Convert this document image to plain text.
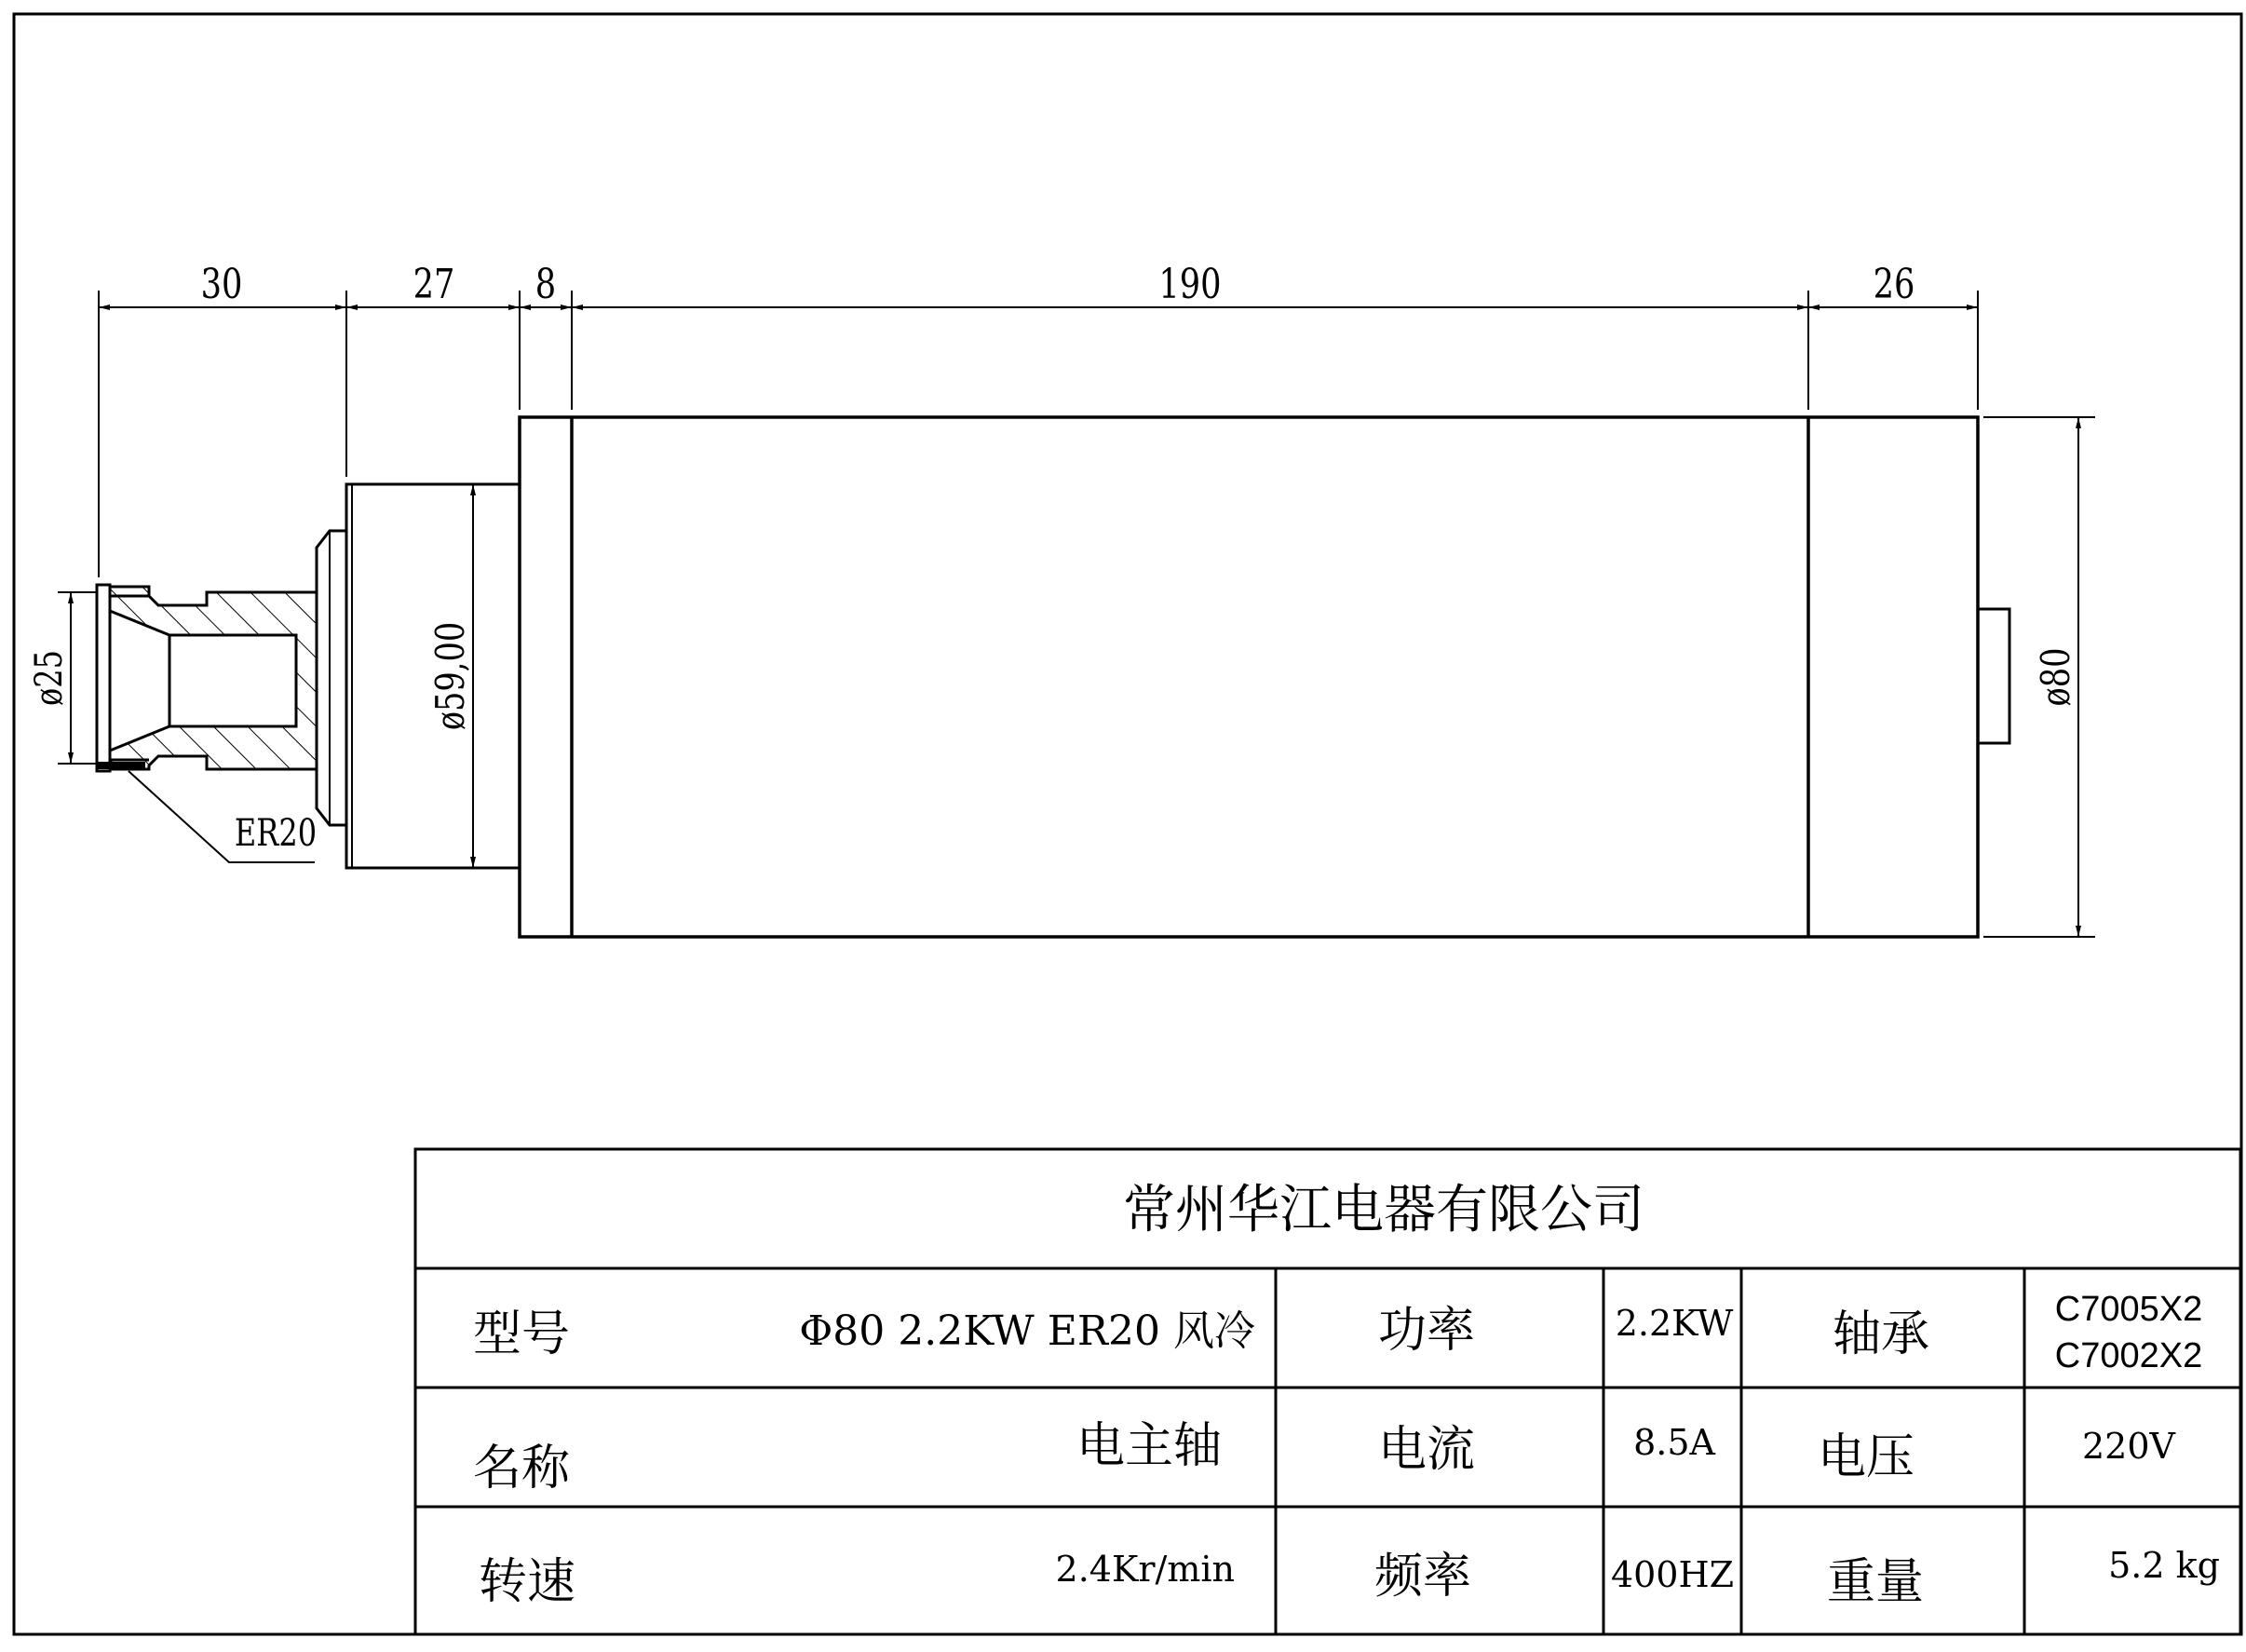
30	27 8	190	26
ø25	ø59,00	ø80
ER20
常州华江电器有限公司
型号	Φ80 2.2KW ER20 风冷	功率	2.2KW 轴承	C7005X2
C7002X2
名称	电主轴	电流	8.5A 电压	220V
转速	2.4Kr/min	频率	400HZ 重量	5.2 kg
